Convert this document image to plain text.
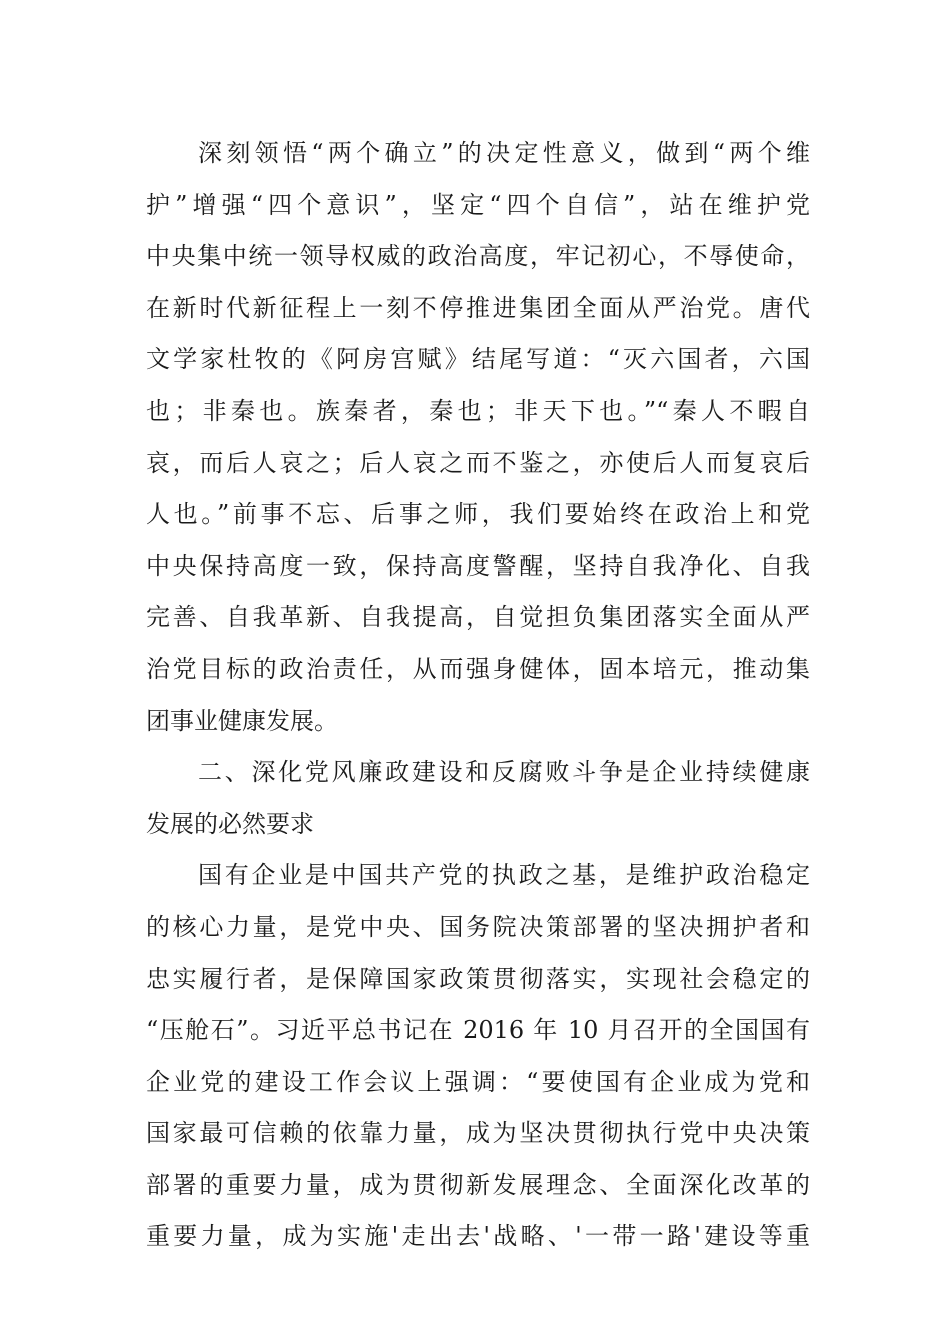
深刻领悟“两个确立”的决定性意义，做到“两个维
护”增强“四个意识”，坚定“四个自信”，站在维护党
中央集中统一领导权威的政治高度，牢记初心，不辱使命，
在新时代新征程上一刻不停推进集团全面从严治党。唐代
文学家杜牧的《阿房宫赋》结尾写道：“灭六国者，六国
也；非秦也。族秦者，秦也；非天下也。”“秦人不暇自
哀，而后人哀之；后人哀之而不鉴之，亦使后人而复哀后
人也。”前事不忘、后事之师，我们要始终在政治上和党
中央保持高度一致，保持高度警醒，坚持自我净化、自我
完善、自我革新、自我提高，自觉担负集团落实全面从严
治党目标的政治责任，从而强身健体，固本培元，推动集
团事业健康发展。
二、深化党风廉政建设和反腐败斗争是企业持续健康
发展的必然要求
国有企业是中国共产党的执政之基，是维护政治稳定
的核心力量，是党中央、国务院决策部署的坚决拥护者和
忠实履行者，是保障国家政策贯彻落实，实现社会稳定的
“压舱石”。习近平总书记在 2016 年 10 月召开的全国国有
企业党的建设工作会议上强调：“要使国有企业成为党和
国家最可信赖的依靠力量，成为坚决贯彻执行党中央决策
部署的重要力量，成为贯彻新发展理念、全面深化改革的
重要力量，成为实施'走出去'战略、'一带一路'建设等重
